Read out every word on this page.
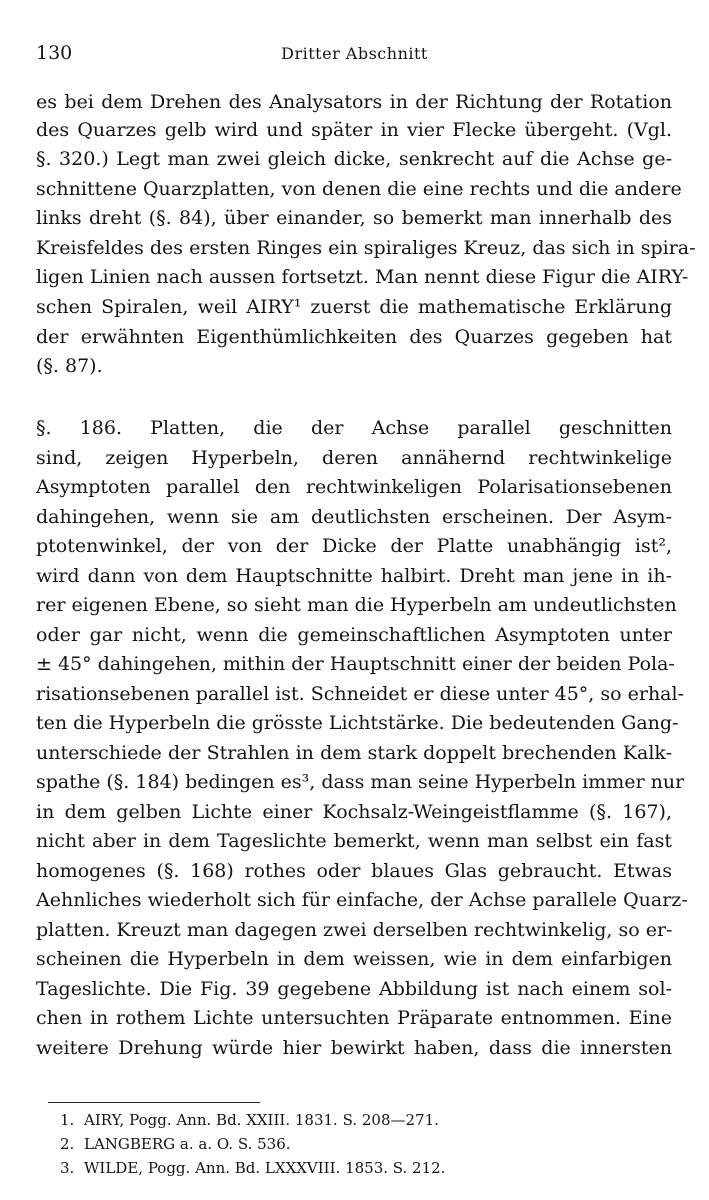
130	Dritter Abschnitt
es bei dem Drehen des Analysators in der Richtung der Rotation
des Quarzes gelb wird und später in vier Flecke übergeht. (Vgl.
§. 320.) Legt man zwei gleich dicke, senkrecht auf die Achse ge-
schnittene Quarzplatten, von denen die eine rechts und die andere
links dreht (§. 84), über einander, so bemerkt man innerhalb des
Kreisfeldes des ersten Ringes ein spiraliges Kreuz, das sich in spira-
ligen Linien nach aussen fortsetzt. Man nennt diese Figur die AIRY-
schen Spiralen, weil AIRY¹ zuerst die mathematische Erklärung
der erwähnten Eigenthümlichkeiten des Quarzes gegeben hat
(§. 87).
§. 186. Platten, die der Achse parallel geschnitten
sind, zeigen Hyperbeln, deren annähernd rechtwinkelige
Asymptoten parallel den rechtwinkeligen Polarisationsebenen
dahingehen, wenn sie am deutlichsten erscheinen. Der Asym-
ptotenwinkel, der von der Dicke der Platte unabhängig ist²,
wird dann von dem Hauptschnitte halbirt. Dreht man jene in ih-
rer eigenen Ebene, so sieht man die Hyperbeln am undeutlichsten
oder gar nicht, wenn die gemeinschaftlichen Asymptoten unter
± 45° dahingehen, mithin der Hauptschnitt einer der beiden Pola-
risationsebenen parallel ist. Schneidet er diese unter 45°, so erhal-
ten die Hyperbeln die grösste Lichtstärke. Die bedeutenden Gang-
unterschiede der Strahlen in dem stark doppelt brechenden Kalk-
spathe (§. 184) bedingen es³, dass man seine Hyperbeln immer nur
in dem gelben Lichte einer Kochsalz-Weingeistflamme (§. 167),
nicht aber in dem Tageslichte bemerkt, wenn man selbst ein fast
homogenes (§. 168) rothes oder blaues Glas gebraucht. Etwas
Aehnliches wiederholt sich für einfache, der Achse parallele Quarz-
platten. Kreuzt man dagegen zwei derselben rechtwinkelig, so er-
scheinen die Hyperbeln in dem weissen, wie in dem einfarbigen
Tageslichte. Die Fig. 39 gegebene Abbildung ist nach einem sol-
chen in rothem Lichte untersuchten Präparate entnommen. Eine
weitere Drehung würde hier bewirkt haben, dass die innersten
1. AIRY, Pogg. Ann. Bd. XXIII. 1831. S. 208—271.
2. LANGBERG a. a. O. S. 536.
3. WILDE, Pogg. Ann. Bd. LXXXVIII. 1853. S. 212.
